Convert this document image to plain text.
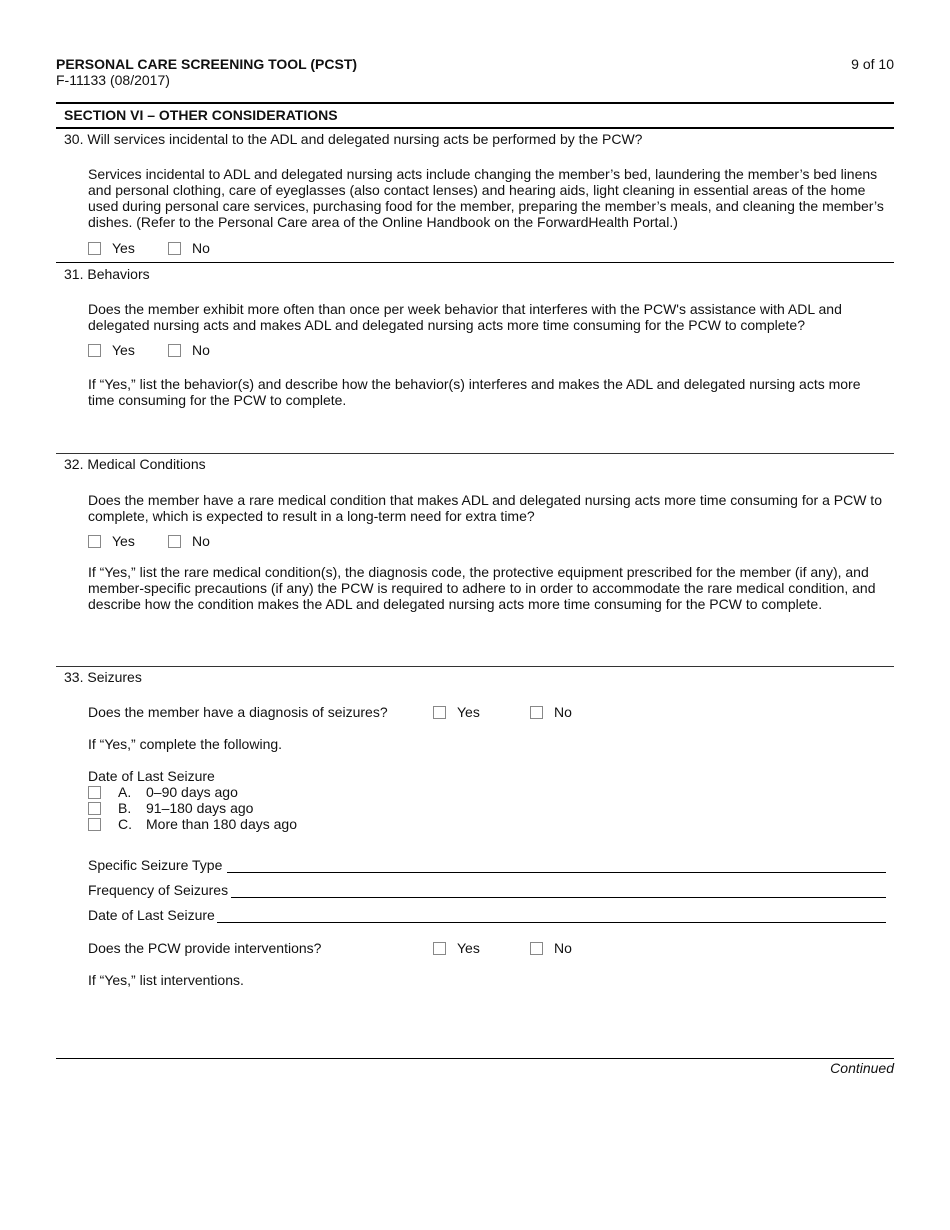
PERSONAL CARE SCREENING TOOL (PCST)
F-11133 (08/2017)
9 of 10
SECTION VI – OTHER CONSIDERATIONS
30. Will services incidental to the ADL and delegated nursing acts be performed by the PCW?
Services incidental to ADL and delegated nursing acts include changing the member’s bed, laundering the member’s bed linens
and personal clothing, care of eyeglasses (also contact lenses) and hearing aids, light cleaning in essential areas of the home
used during personal care services, purchasing food for the member, preparing the member’s meals, and cleaning the member’s
dishes. (Refer to the Personal Care area of the Online Handbook on the ForwardHealth Portal.)
Yes	No
31. Behaviors
Does the member exhibit more often than once per week behavior that interferes with the PCW's assistance with ADL and
delegated nursing acts and makes ADL and delegated nursing acts more time consuming for the PCW to complete?
Yes	No
If “Yes,” list the behavior(s) and describe how the behavior(s) interferes and makes the ADL and delegated nursing acts more
time consuming for the PCW to complete.
32. Medical Conditions
Does the member have a rare medical condition that makes ADL and delegated nursing acts more time consuming for a PCW to
complete, which is expected to result in a long-term need for extra time?
Yes	No
If “Yes,” list the rare medical condition(s), the diagnosis code, the protective equipment prescribed for the member (if any), and
member-specific precautions (if any) the PCW is required to adhere to in order to accommodate the rare medical condition, and
describe how the condition makes the ADL and delegated nursing acts more time consuming for the PCW to complete.
33. Seizures
Does the member have a diagnosis of seizures?	Yes	No
If “Yes,” complete the following.
Date of Last Seizure
A. 0–90 days ago
B. 91–180 days ago
C. More than 180 days ago
Specific Seizure Type
Frequency of Seizures
Date of Last Seizure
Does the PCW provide interventions?	Yes	No
If “Yes,” list interventions.
Continued
